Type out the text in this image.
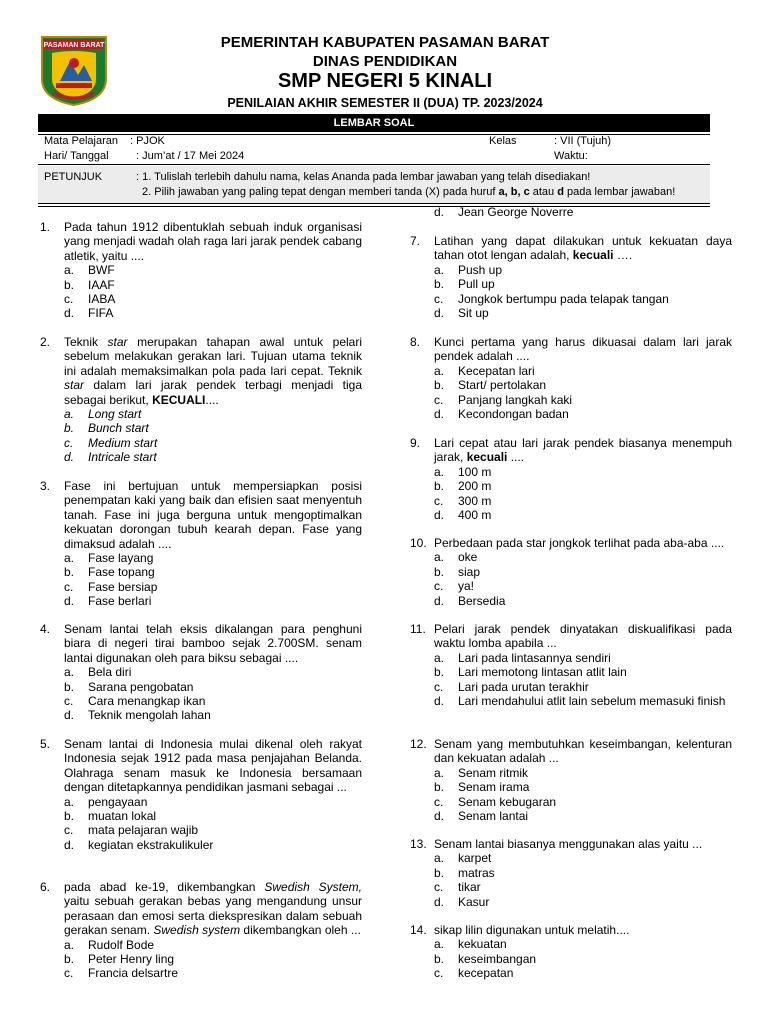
PASAMAN BARAT	PEMERINTAH KABUPATEN PASAMAN BARAT
DINAS PENDIDIKAN
SMP NEGERI 5 KINALI
PENILAIAN AKHIR SEMESTER II (DUA) TP. 2023/2024
LEMBAR SOAL
Mata Pelajaran : PJOK	Kelas	: VII (Tujuh)
Hari/ Tanggal : Jum’at / 17 Mei 2024	Waktu:
PETUNJUK	: 1. Tulislah terlebih dahulu nama, kelas Ananda pada lembar jawaban yang telah disediakan!
2. Pilih jawaban yang paling tepat dengan memberi tanda (X) pada huruf a, b, c atau d pada lembar jawaban!
1. Pada tahun 1912 dibentuklah sebuah induk organisasi yang menjadi wadah olah raga lari jarak pendek cabang atletik, yaitu ....
a.	BWF
b.	IAAF
c.	IABA
d.	FIFA
2. Teknik star merupakan tahapan awal untuk pelari sebelum melakukan gerakan lari. Tujuan utama teknik ini adalah memaksimalkan pola pada lari cepat. Teknik star dalam lari jarak pendek terbagi menjadi tiga sebagai berikut, KECUALI....
a.	Long start
b.	Bunch start
c.	Medium start
d.	Intricale start
3. Fase ini bertujuan untuk mempersiapkan posisi penempatan kaki yang baik dan efisien saat menyentuh tanah. Fase ini juga berguna untuk mengoptimalkan kekuatan dorongan tubuh kearah depan. Fase yang dimaksud adalah ....
a.	Fase layang
b.	Fase topang
c.	Fase bersiap
d.	Fase berlari
4. Senam lantai telah eksis dikalangan para penghuni biara di negeri tirai bamboo sejak 2.700SM. senam lantai digunakan oleh para biksu sebagai ....
a.	Bela diri
b.	Sarana pengobatan
c.	Cara menangkap ikan
d.	Teknik mengolah lahan
5. Senam lantai di Indonesia mulai dikenal oleh rakyat Indonesia sejak 1912 pada masa penjajahan Belanda. Olahraga senam masuk ke Indonesia bersamaan dengan ditetapkannya pendidikan jasmani sebagai ...
a.	pengayaan
b.	muatan lokal
c.	mata pelajaran wajib
d.	kegiatan ekstrakulikuler
6. pada abad ke-19, dikembangkan Swedish System, yaitu sebuah gerakan bebas yang mengandung unsur perasaan dan emosi serta diekspresikan dalam sebuah gerakan senam. Swedish system dikembangkan oleh ...
a.	Rudolf Bode
b.	Peter Henry ling
c.	Francia delsartre
d.	Jean George Noverre
7. Latihan yang dapat dilakukan untuk kekuatan daya tahan otot lengan adalah, kecuali ….
a.	Push up
b.	Pull up
c.	Jongkok bertumpu pada telapak tangan
d.	Sit up
8. Kunci pertama yang harus dikuasai dalam lari jarak pendek adalah ....
a.	Kecepatan lari
b.	Start/ pertolakan
c.	Panjang langkah kaki
d.	Kecondongan badan
9. Lari cepat atau lari jarak pendek biasanya menempuh jarak, kecuali ....
a.	100 m
b.	200 m
c.	300 m
d.	400 m
10. Perbedaan pada star jongkok terlihat pada aba-aba ....
a.	oke
b.	siap
c.	ya!
d.	Bersedia
11. Pelari jarak pendek dinyatakan diskualifikasi pada waktu lomba apabila ...
a.	Lari pada lintasannya sendiri
b.	Lari memotong lintasan atlit lain
c.	Lari pada urutan terakhir
d.	Lari mendahului atlit lain sebelum memasuki finish
12. Senam yang membutuhkan keseimbangan, kelenturan dan kekuatan adalah ...
a.	Senam ritmik
b.	Senam irama
c.	Senam kebugaran
d.	Senam lantai
13. Senam lantai biasanya menggunakan alas yaitu ...
a.	karpet
b.	matras
c.	tikar
d.	Kasur
14. sikap lilin digunakan untuk melatih....
a.	kekuatan
b.	keseimbangan
c.	kecepatan
